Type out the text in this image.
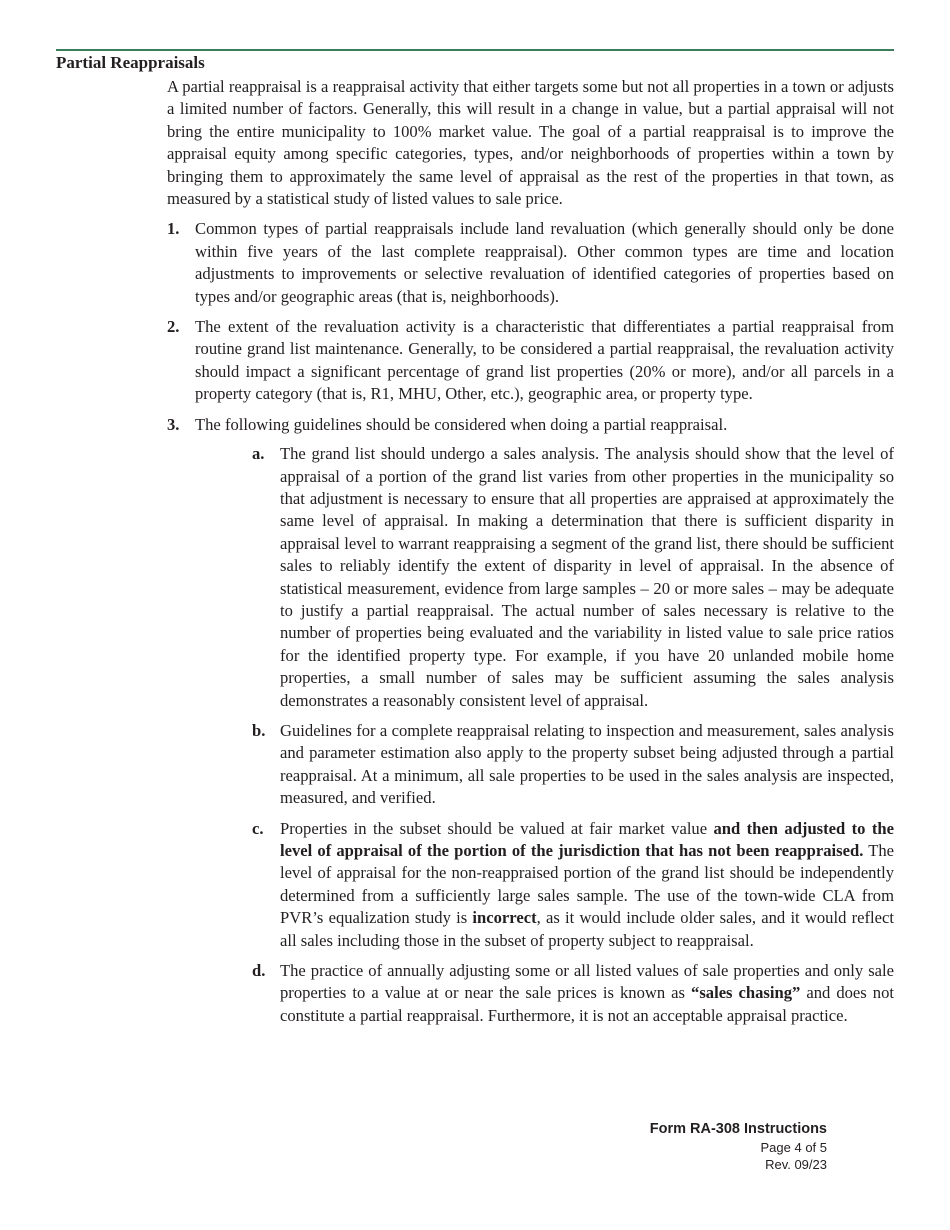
Partial Reappraisals

A partial reappraisal is a reappraisal activity that either targets some but not all properties in a town or adjusts a limited number of factors. Generally, this will result in a change in value, but a partial appraisal will not bring the entire municipality to 100% market value. The goal of a partial reappraisal is to improve the appraisal equity among specific categories, types, and/or neighborhoods of properties within a town by bringing them to approximately the same level of appraisal as the rest of the properties in that town, as measured by a statistical study of listed values to sale price.

1. Common types of partial reappraisals include land revaluation (which generally should only be done within five years of the last complete reappraisal). Other common types are time and location adjustments to improvements or selective revaluation of identified categories of properties based on types and/or geographic areas (that is, neighborhoods).
2. The extent of the revaluation activity is a characteristic that differentiates a partial reappraisal from routine grand list maintenance. Generally, to be considered a partial reappraisal, the revaluation activity should impact a significant percentage of grand list properties (20% or more), and/or all parcels in a property category (that is, R1, MHU, Other, etc.), geographic area, or property type.
3. The following guidelines should be considered when doing a partial reappraisal.
a. The grand list should undergo a sales analysis. The analysis should show that the level of appraisal of a portion of the grand list varies from other properties in the municipality so that adjustment is necessary to ensure that all properties are appraised at approximately the same level of appraisal. In making a determination that there is sufficient disparity in appraisal level to warrant reappraising a segment of the grand list, there should be sufficient sales to reliably identify the extent of disparity in level of appraisal. In the absence of statistical measurement, evidence from large samples – 20 or more sales – may be adequate to justify a partial reappraisal. The actual number of sales necessary is relative to the number of properties being evaluated and the variability in listed value to sale price ratios for the identified property type. For example, if you have 20 unlanded mobile home properties, a small number of sales may be sufficient assuming the sales analysis demonstrates a reasonably consistent level of appraisal.
b. Guidelines for a complete reappraisal relating to inspection and measurement, sales analysis and parameter estimation also apply to the property subset being adjusted through a partial reappraisal. At a minimum, all sale properties to be used in the sales analysis are inspected, measured, and verified.
c. Properties in the subset should be valued at fair market value and then adjusted to the level of appraisal of the portion of the jurisdiction that has not been reappraised. The level of appraisal for the non-reappraised portion of the grand list should be independently determined from a sufficiently large sales sample. The use of the town-wide CLA from PVR’s equalization study is incorrect, as it would include older sales, and it would reflect all sales including those in the subset of property subject to reappraisal.
d. The practice of annually adjusting some or all listed values of sale properties and only sale properties to a value at or near the sale prices is known as “sales chasing” and does not constitute a partial reappraisal. Furthermore, it is not an acceptable appraisal practice.
Form RA-308 Instructions
Page 4 of 5
Rev. 09/23
